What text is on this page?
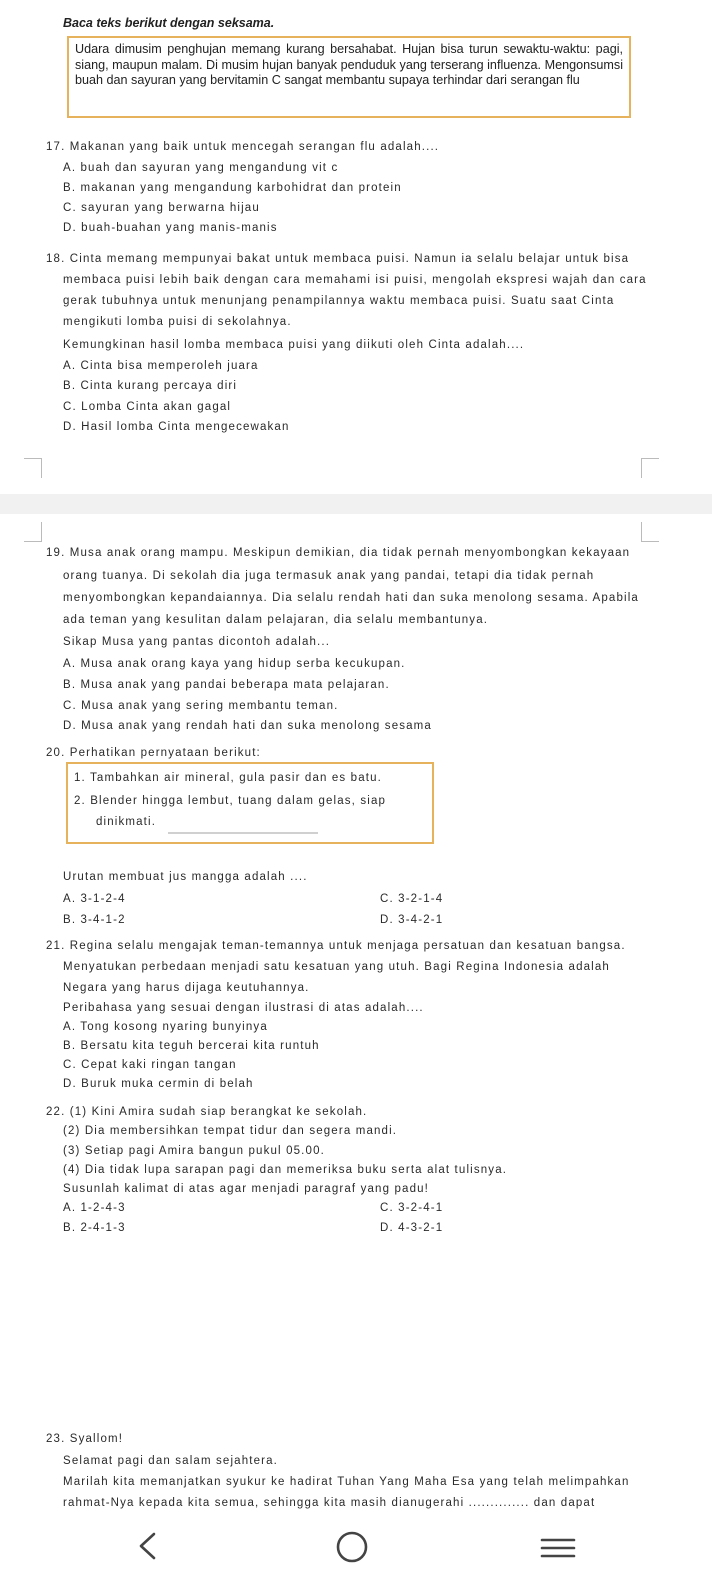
Baca teks berikut dengan seksama.
Udara dimusim penghujan memang kurang bersahabat. Hujan bisa turun sewaktu-waktu: pagi, siang, maupun malam. Di musim hujan banyak penduduk yang terserang influenza. Mengonsumsi buah dan sayuran yang bervitamin C sangat membantu supaya terhindar dari serangan flu
17. Makanan yang baik untuk mencegah serangan flu adalah....
A. buah dan sayuran yang mengandung vit c
B. makanan yang mengandung karbohidrat dan protein
C. sayuran yang berwarna hijau
D. buah-buahan yang manis-manis
18. Cinta memang mempunyai bakat untuk membaca puisi. Namun ia selalu belajar untuk bisa
membaca puisi lebih baik dengan cara memahami isi puisi, mengolah ekspresi wajah dan cara
gerak tubuhnya untuk menunjang penampilannya waktu membaca puisi. Suatu saat Cinta
mengikuti lomba puisi di sekolahnya.
Kemungkinan hasil lomba membaca puisi yang diikuti oleh Cinta adalah....
A. Cinta bisa memperoleh juara
B. Cinta kurang percaya diri
C. Lomba Cinta akan gagal
D. Hasil lomba Cinta mengecewakan
19. Musa anak orang mampu. Meskipun demikian, dia tidak pernah menyombongkan kekayaan
orang tuanya. Di sekolah dia juga termasuk anak yang pandai, tetapi dia tidak pernah
menyombongkan kepandaiannya. Dia selalu rendah hati dan suka menolong sesama. Apabila
ada teman yang kesulitan dalam pelajaran, dia selalu membantunya.
Sikap Musa yang pantas dicontoh adalah...
A. Musa anak orang kaya yang hidup serba kecukupan.
B. Musa anak yang pandai beberapa mata pelajaran.
C. Musa anak yang sering membantu teman.
D. Musa anak yang rendah hati dan suka menolong sesama
20. Perhatikan pernyataan berikut:
1. Tambahkan air mineral, gula pasir dan es batu.
2. Blender hingga lembut, tuang dalam gelas, siap
dinikmati.
Urutan membuat jus mangga adalah ....
A. 3-1-2-4	C. 3-2-1-4
B. 3-4-1-2	D. 3-4-2-1
21. Regina selalu mengajak teman-temannya untuk menjaga persatuan dan kesatuan bangsa.
Menyatukan perbedaan menjadi satu kesatuan yang utuh. Bagi Regina Indonesia adalah
Negara yang harus dijaga keutuhannya.
Peribahasa yang sesuai dengan ilustrasi di atas adalah....
A. Tong kosong nyaring bunyinya
B. Bersatu kita teguh bercerai kita runtuh
C. Cepat kaki ringan tangan
D. Buruk muka cermin di belah
22. (1) Kini Amira sudah siap berangkat ke sekolah.
(2) Dia membersihkan tempat tidur dan segera mandi.
(3) Setiap pagi Amira bangun pukul 05.00.
(4) Dia tidak lupa sarapan pagi dan memeriksa buku serta alat tulisnya.
Susunlah kalimat di atas agar menjadi paragraf yang padu!
A. 1-2-4-3	C. 3-2-4-1
B. 2-4-1-3	D. 4-3-2-1
23. Syallom!
Selamat pagi dan salam sejahtera.
Marilah kita memanjatkan syukur ke hadirat Tuhan Yang Maha Esa yang telah melimpahkan
rahmat-Nya kepada kita semua, sehingga kita masih dianugerahi .............. dan dapat
